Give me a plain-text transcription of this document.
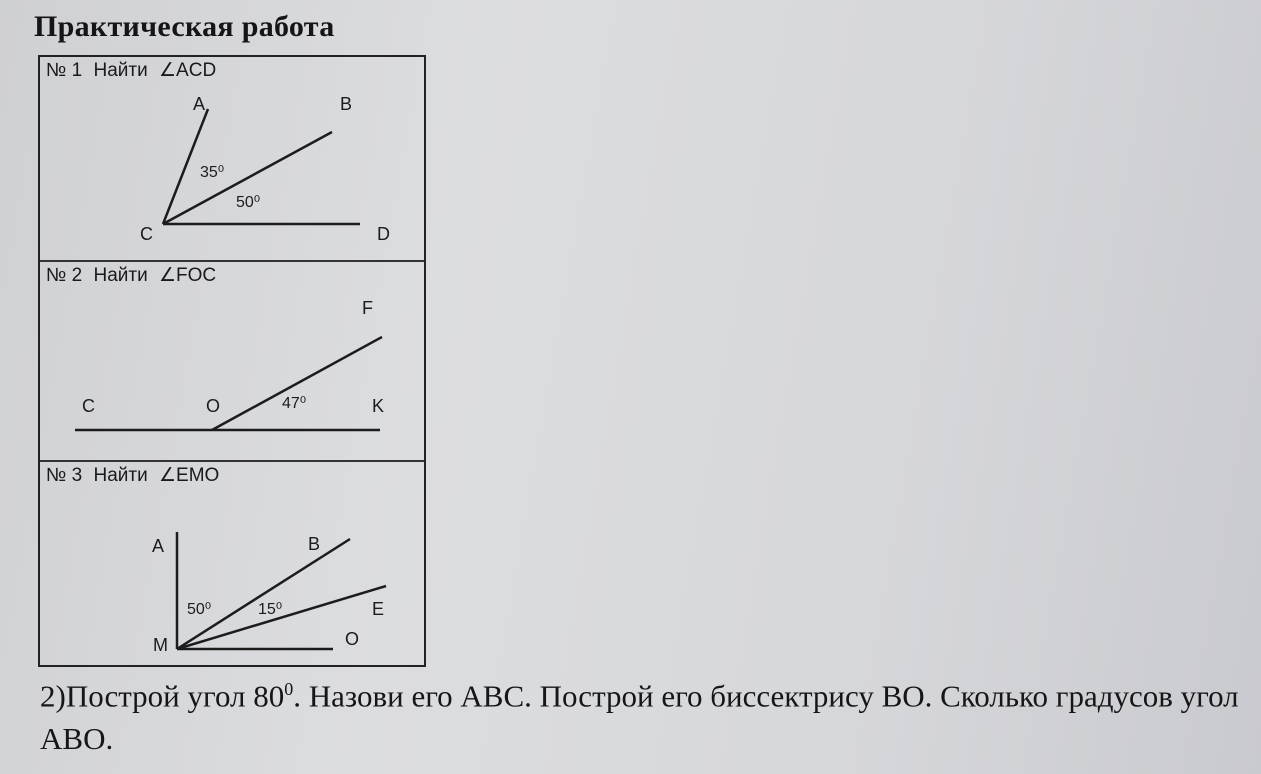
Практическая работа
A	B
C	D
35⁰
50⁰
№ 1 Найти ∠ACD
F
C	O	K
47⁰
№ 2 Найти ∠FOC
A	B
E
M	O
50⁰	15⁰
№ 3 Найти ∠EMO
2)Построй угол $80^0$. Назови его АВС. Построй его биссектрису ВО. Сколько градусов угол АВО.
